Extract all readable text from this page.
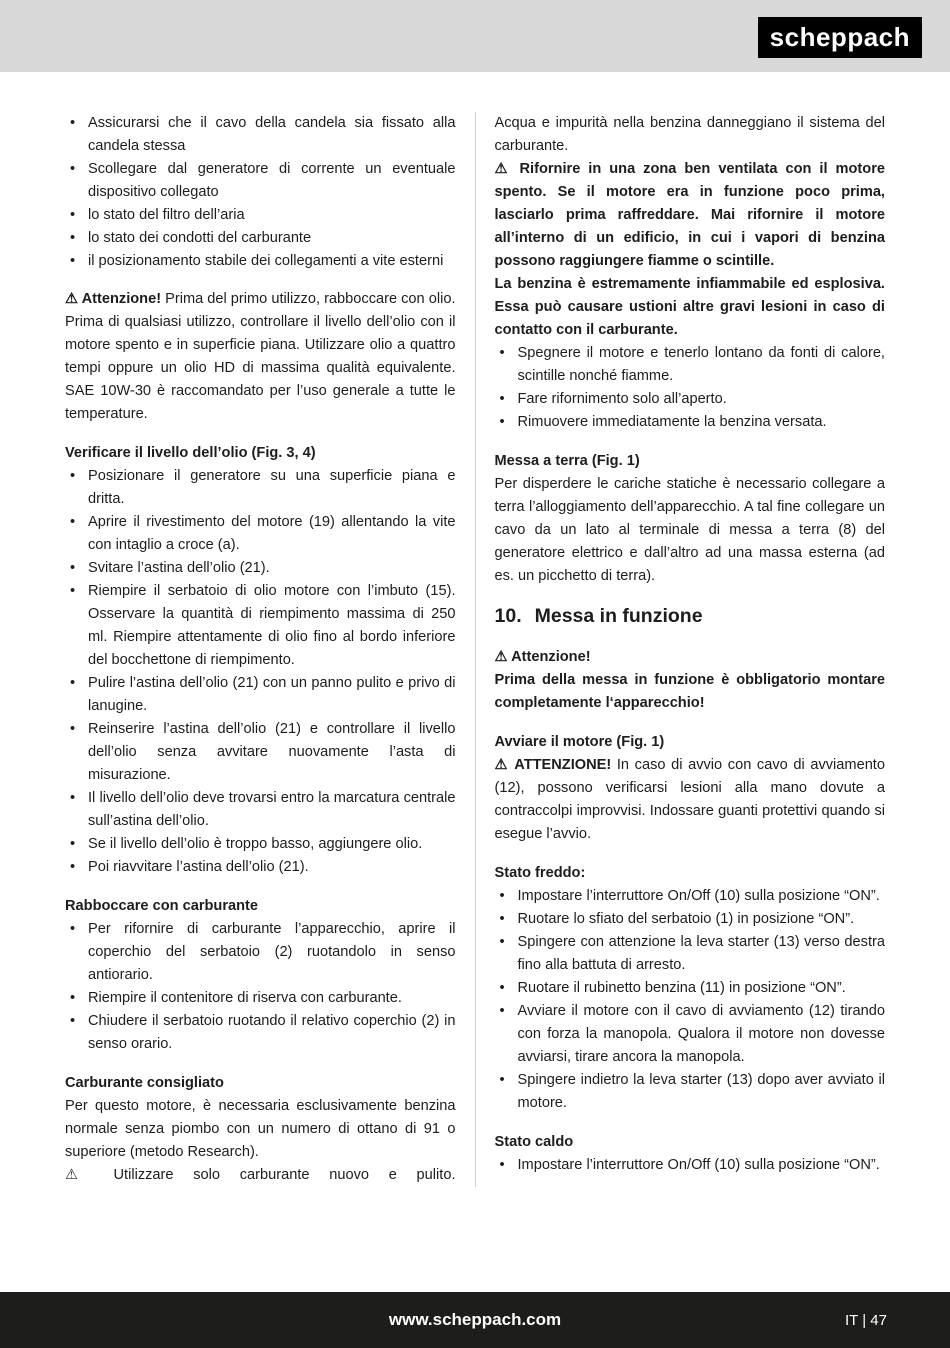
scheppach
• Assicurarsi che il cavo della candela sia fissato alla candela stessa
• Scollegare dal generatore di corrente un eventuale dispositivo collegato
• lo stato del filtro dell’aria
• lo stato dei condotti del carburante
• il posizionamento stabile dei collegamenti a vite esterni
⚠ Attenzione! Prima del primo utilizzo, rabboccare con olio.
Prima di qualsiasi utilizzo, controllare il livello dell’olio con il motore spento e in superficie piana. Utilizzare olio a quattro tempi oppure un olio HD di massima qualità equivalente. SAE 10W-30 è raccomandato per l’uso generale a tutte le temperature.
Verificare il livello dell’olio (Fig. 3, 4)
• Posizionare il generatore su una superficie piana e dritta.
• Aprire il rivestimento del motore (19) allentando la vite con intaglio a croce (a).
• Svitare l’astina dell’olio (21).
• Riempire il serbatoio di olio motore con l’imbuto (15). Osservare la quantità di riempimento massima di 250 ml. Riempire attentamente di olio fino al bordo inferiore del bocchettone di riempimento.
• Pulire l’astina dell’olio (21) con un panno pulito e privo di lanugine.
• Reinserire l’astina dell’olio (21) e controllare il livello dell’olio senza avvitare nuovamente l’asta di misurazione.
• Il livello dell’olio deve trovarsi entro la marcatura centrale sull’astina dell’olio.
• Se il livello dell’olio è troppo basso, aggiungere olio.
• Poi riavvitare l’astina dell’olio (21).
Rabboccare con carburante
• Per rifornire di carburante l’apparecchio, aprire il coperchio del serbatoio (2) ruotandolo in senso antiorario.
• Riempire il contenitore di riserva con carburante.
• Chiudere il serbatoio ruotando il relativo coperchio (2) in senso orario.
Carburante consigliato
Per questo motore, è necessaria esclusivamente benzina normale senza piombo con un numero di ottano di 91 o superiore (metodo Research).
⚠ Utilizzare solo carburante nuovo e pulito.
Acqua e impurità nella benzina danneggiano il sistema del carburante.
⚠ Rifornire in una zona ben ventilata con il motore spento. Se il motore era in funzione poco prima, lasciarlo prima raffreddare. Mai rifornire il motore all’interno di un edificio, in cui i vapori di benzina possono raggiungere fiamme o scintille.
La benzina è estremamente infiammabile ed esplosiva. Essa può causare ustioni altre gravi lesioni in caso di contatto con il carburante.
• Spegnere il motore e tenerlo lontano da fonti di calore, scintille nonché fiamme.
• Fare rifornimento solo all’aperto.
• Rimuovere immediatamente la benzina versata.
Messa a terra (Fig. 1)
Per disperdere le cariche statiche è necessario collegare a terra l’alloggiamento dell’apparecchio. A tal fine collegare un cavo da un lato al terminale di messa a terra (8) del generatore elettrico e dall’altro ad una massa esterna (ad es. un picchetto di terra).
10. Messa in funzione
⚠ Attenzione!
Prima della messa in funzione è obbligatorio montare completamente l‘apparecchio!
Avviare il motore (Fig. 1)
⚠ ATTENZIONE! In caso di avvio con cavo di avviamento (12), possono verificarsi lesioni alla mano dovute a contraccolpi improvvisi. Indossare guanti protettivi quando si esegue l’avvio.
Stato freddo:
• Impostare l’interruttore On/Off (10) sulla posizione “ON”.
• Ruotare lo sfiato del serbatoio (1) in posizione “ON”.
• Spingere con attenzione la leva starter (13) verso destra fino alla battuta di arresto.
• Ruotare il rubinetto benzina (11) in posizione “ON”.
• Avviare il motore con il cavo di avviamento (12) tirando con forza la manopola. Qualora il motore non dovesse avviarsi, tirare ancora la manopola.
• Spingere indietro la leva starter (13) dopo aver avviato il motore.
Stato caldo
• Impostare l’interruttore On/Off (10) sulla posizione “ON”.
www.scheppach.com	IT | 47
